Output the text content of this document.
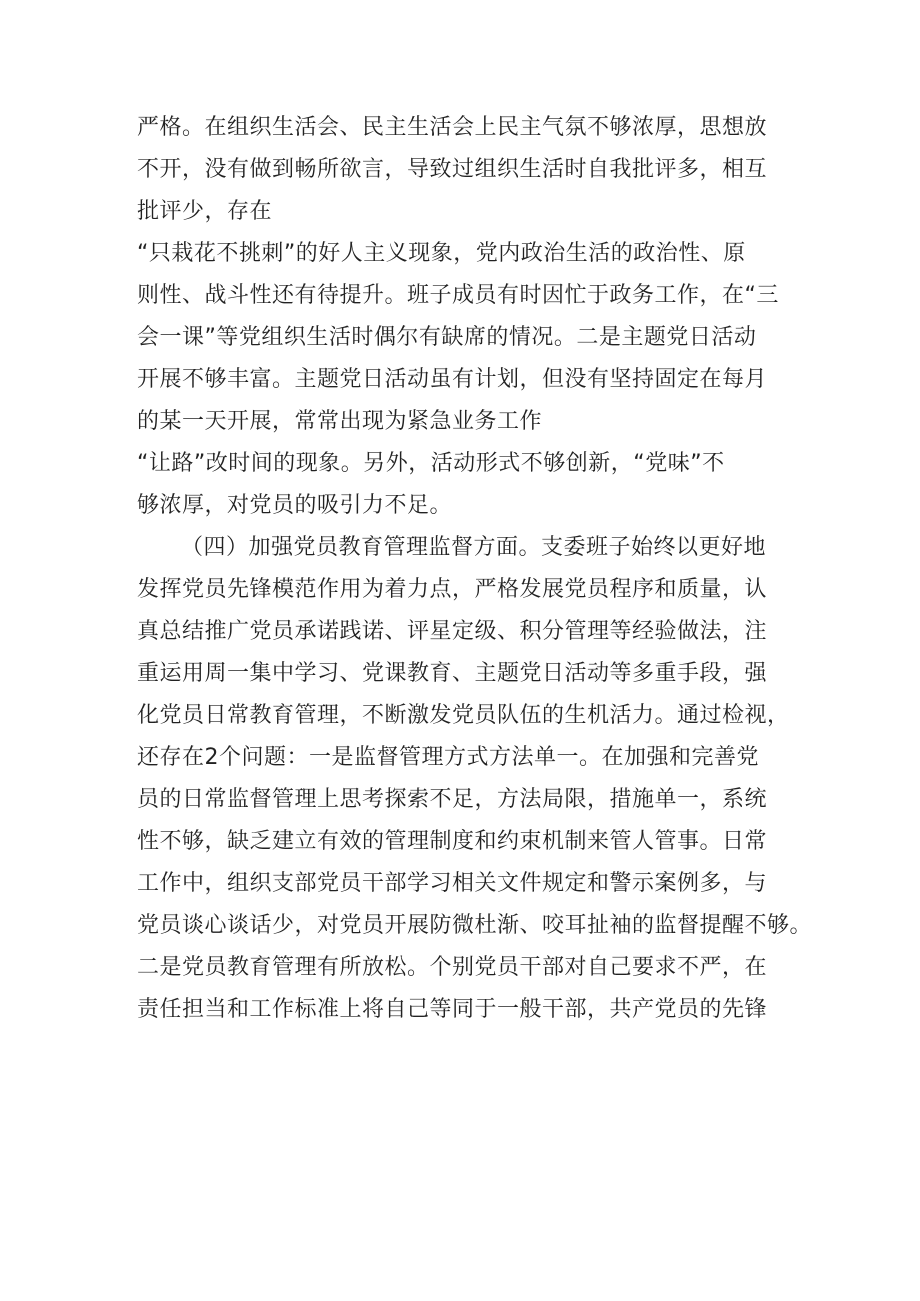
严格。在组织生活会、民主生活会上民主气氛不够浓厚，思想放
不开，没有做到畅所欲言，导致过组织生活时自我批评多，相互
批评少，存在
“只栽花不挑刺”的好人主义现象，党内政治生活的政治性、原
则性、战斗性还有待提升。班子成员有时因忙于政务工作，在“三
会一课”等党组织生活时偶尔有缺席的情况。二是主题党日活动
开展不够丰富。主题党日活动虽有计划，但没有坚持固定在每月
的某一天开展，常常出现为紧急业务工作
“让路”改时间的现象。另外，活动形式不够创新，“党味”不
够浓厚，对党员的吸引力不足。
（四）加强党员教育管理监督方面。支委班子始终以更好地
发挥党员先锋模范作用为着力点，严格发展党员程序和质量，认
真总结推广党员承诺践诺、评星定级、积分管理等经验做法，注
重运用周一集中学习、党课教育、主题党日活动等多重手段，强
化党员日常教育管理，不断激发党员队伍的生机活力。通过检视，
还存在2个问题：一是监督管理方式方法单一。在加强和完善党
员的日常监督管理上思考探索不足，方法局限，措施单一，系统
性不够，缺乏建立有效的管理制度和约束机制来管人管事。日常
工作中，组织支部党员干部学习相关文件规定和警示案例多，与
党员谈心谈话少，对党员开展防微杜渐、咬耳扯袖的监督提醒不够。
二是党员教育管理有所放松。个别党员干部对自己要求不严，在
责任担当和工作标准上将自己等同于一般干部，共产党员的先锋
